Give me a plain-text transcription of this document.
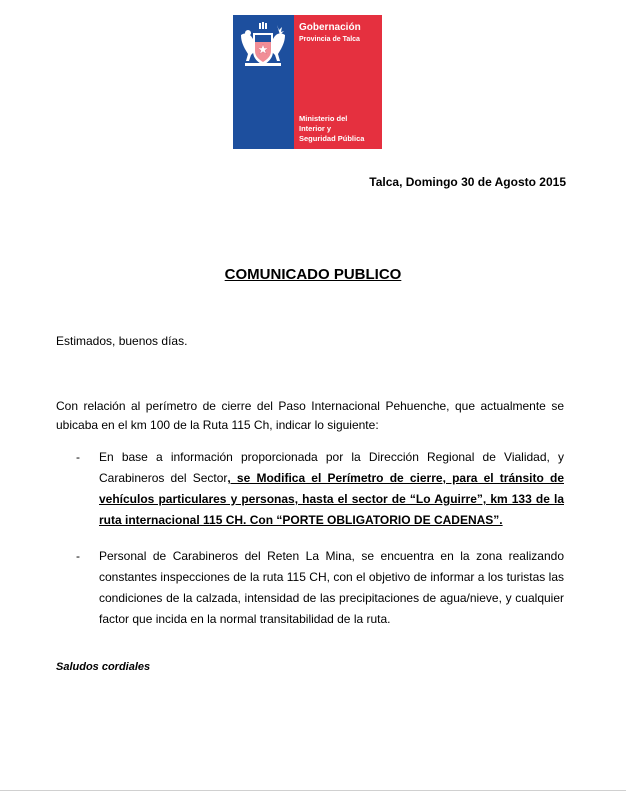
Gobernación
Provincia de Talca
Ministerio del
Interior y
Seguridad Pública
Talca, Domingo 30 de Agosto 2015
COMUNICADO PUBLICO
Estimados, buenos días.
Con relación al perímetro de cierre del Paso Internacional Pehuenche, que actualmente se ubicaba en el km 100 de la Ruta 115 Ch, indicar lo siguiente:
- En base a información proporcionada por la Dirección Regional de Vialidad, y Carabineros del Sector, se Modifica el Perímetro de cierre, para el tránsito de vehículos particulares y personas, hasta el sector de “Lo Aguirre”, km 133 de la ruta internacional 115 CH. Con “PORTE OBLIGATORIO DE CADENAS”.
- Personal de Carabineros del Reten La Mina, se encuentra en la zona realizando constantes inspecciones de la ruta 115 CH, con el objetivo de informar a los turistas las condiciones de la calzada, intensidad de las precipitaciones de agua/nieve, y cualquier factor que incida en la normal transitabilidad de la ruta.
Saludos cordiales
